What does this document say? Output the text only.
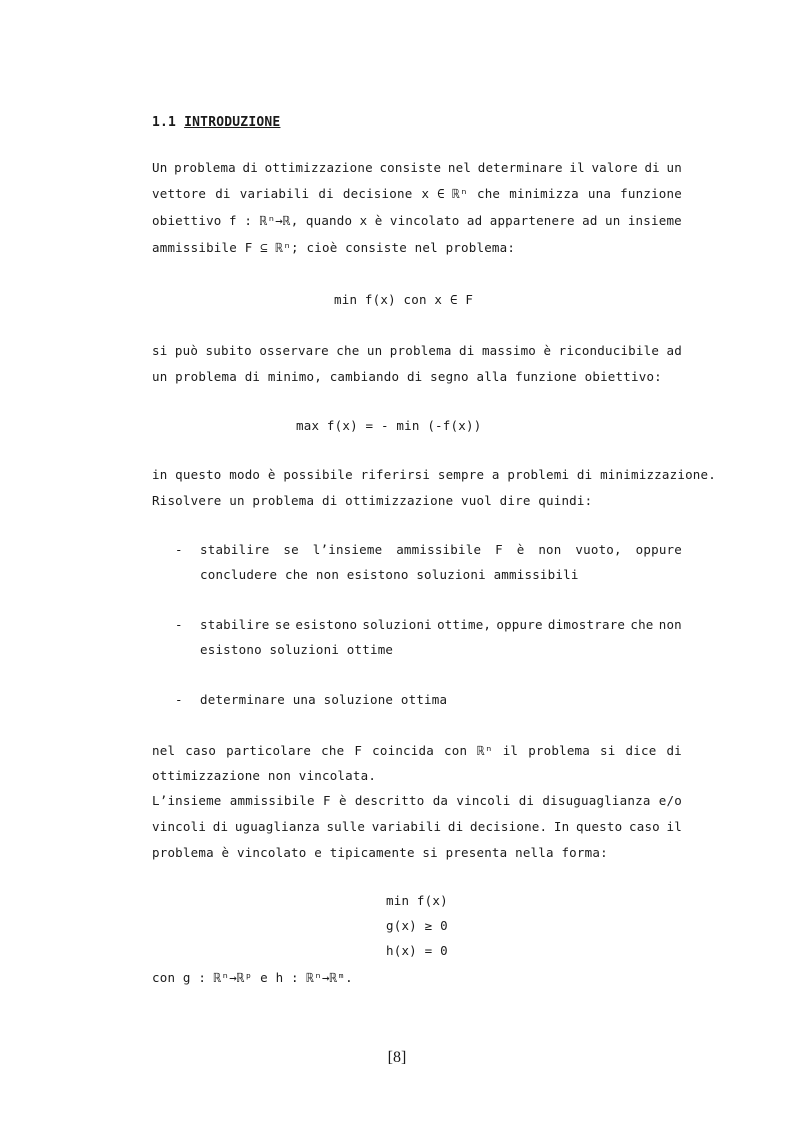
1.1 INTRODUZIONE
Un problema di ottimizzazione consiste nel determinare il valore di un
vettore di variabili di decisione x ∈ ℝⁿ che minimizza una funzione
obiettivo f : ℝⁿ→ℝ, quando x è vincolato ad appartenere ad un insieme
ammissibile F ⊆ ℝⁿ; cioè consiste nel problema:
min f(x) con x ∈ F
si può subito osservare che un problema di massimo è riconducibile ad
un problema di minimo, cambiando di segno alla funzione obiettivo:
max f(x) = - min (-f(x))
in questo modo è possibile riferirsi sempre a problemi di minimizzazione.
Risolvere un problema di ottimizzazione vuol dire quindi:
- stabilire se l’insieme ammissibile F è non vuoto, oppure
concludere che non esistono soluzioni ammissibili
- stabilire se esistono soluzioni ottime, oppure dimostrare che non
esistono soluzioni ottime
- determinare una soluzione ottima
nel caso particolare che F coincida con ℝⁿ il problema si dice di
ottimizzazione non vincolata.
L’insieme ammissibile F è descritto da vincoli di disuguaglianza e/o
vincoli di uguaglianza sulle variabili di decisione. In questo caso il
problema è vincolato e tipicamente si presenta nella forma:
min f(x)
g(x) ≥ 0
h(x) = 0
con g : ℝⁿ→ℝᵖ e h : ℝⁿ→ℝᵐ.
[8]
